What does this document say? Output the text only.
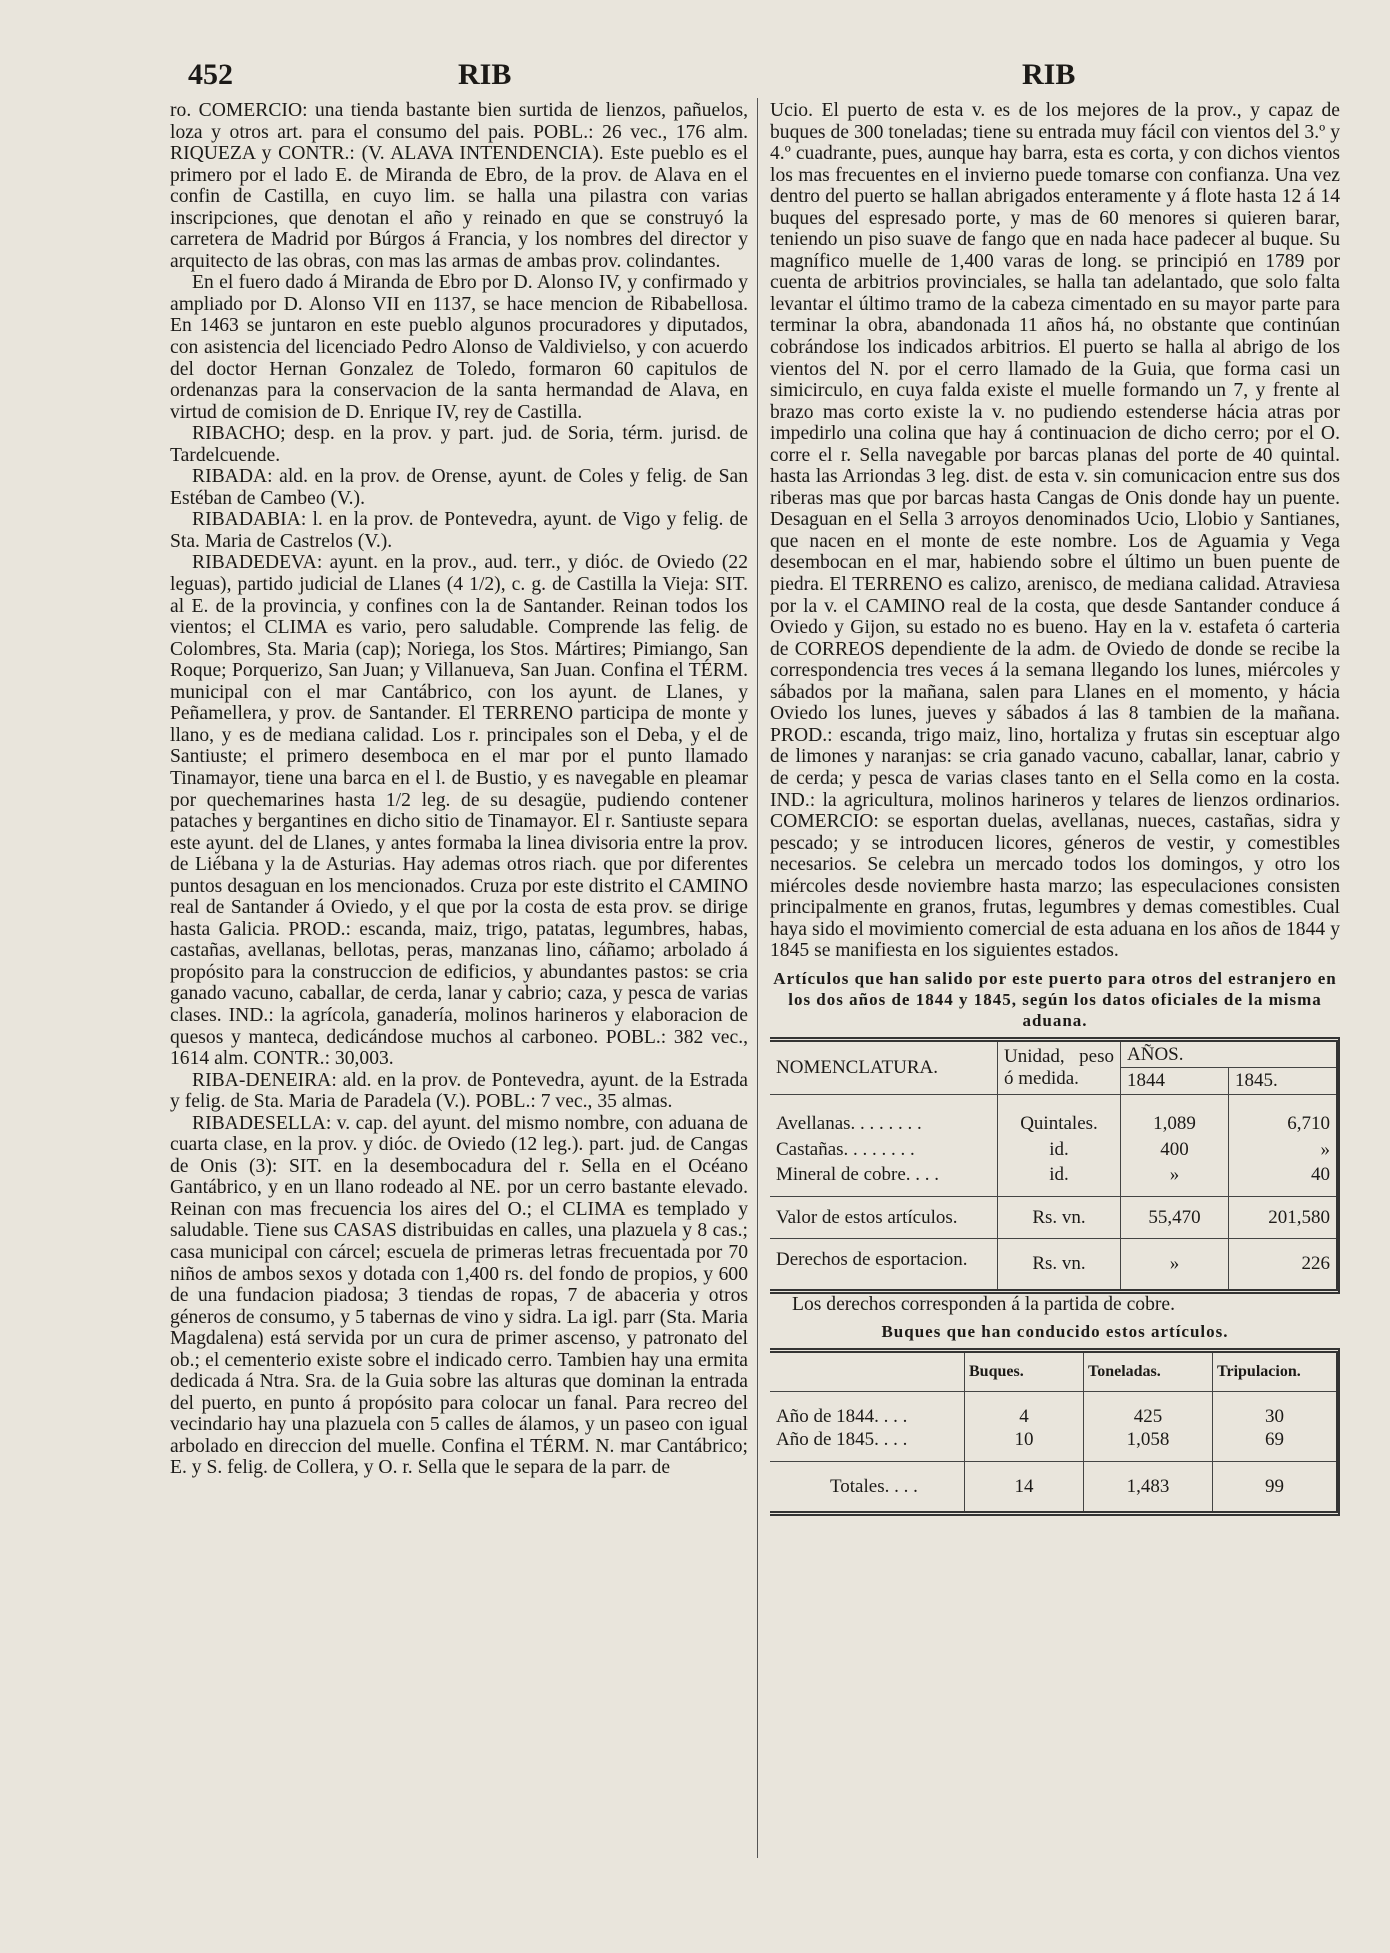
452	RIB	RIB

ro. COMERCIO: una tienda bastante bien surtida de lienzos, pañuelos, loza y otros art. para el consumo del pais. POBL.: 26 vec., 176 alm. RIQUEZA y CONTR.: (V. ALAVA INTENDENCIA). Este pueblo es el primero por el lado E. de Miranda de Ebro, de la prov. de Alava en el confin de Castilla, en cuyo lim. se halla una pilastra con varias inscripciones, que denotan el año y reinado en que se construyó la carretera de Madrid por Búrgos á Francia, y los nombres del director y arquitecto de las obras, con mas las armas de ambas prov. colindantes.

En el fuero dado á Miranda de Ebro por D. Alonso IV, y confirmado y ampliado por D. Alonso VII en 1137, se hace mencion de Ribabellosa. En 1463 se juntaron en este pueblo algunos procuradores y diputados, con asistencia del licenciado Pedro Alonso de Valdivielso, y con acuerdo del doctor Hernan Gonzalez de Toledo, formaron 60 capitulos de ordenanzas para la conservacion de la santa hermandad de Alava, en virtud de comision de D. Enrique IV, rey de Castilla.

RIBACHO; desp. en la prov. y part. jud. de Soria, térm. jurisd. de Tardelcuende.

RIBADA: ald. en la prov. de Orense, ayunt. de Coles y felig. de San Estéban de Cambeo (V.).

RIBADABIA: l. en la prov. de Pontevedra, ayunt. de Vigo y felig. de Sta. Maria de Castrelos (V.).

RIBADEDEVA: ayunt. en la prov., aud. terr., y dióc. de Oviedo (22 leguas), partido judicial de Llanes (4 1/2), c. g. de Castilla la Vieja: SIT. al E. de la provincia, y confines con la de Santander. Reinan todos los vientos; el CLIMA es vario, pero saludable. Comprende las felig. de Colombres, Sta. Maria (cap); Noriega, los Stos. Mártires; Pimiango, San Roque; Porquerizo, San Juan; y Villanueva, San Juan. Confina el TÉRM. municipal con el mar Cantábrico, con los ayunt. de Llanes, y Peñamellera, y prov. de Santander. El TERRENO participa de monte y llano, y es de mediana calidad. Los r. principales son el Deba, y el de Santiuste; el primero desemboca en el mar por el punto llamado Tinamayor, tiene una barca en el l. de Bustio, y es navegable en pleamar por quechemarines hasta 1/2 leg. de su desagüe, pudiendo contener pataches y bergantines en dicho sitio de Tinamayor. El r. Santiuste separa este ayunt. del de Llanes, y antes formaba la linea divisoria entre la prov. de Liébana y la de Asturias. Hay ademas otros riach. que por diferentes puntos desaguan en los mencionados. Cruza por este distrito el CAMINO real de Santander á Oviedo, y el que por la costa de esta prov. se dirige hasta Galicia. PROD.: escanda, maiz, trigo, patatas, legumbres, habas, castañas, avellanas, bellotas, peras, manzanas lino, cáñamo; arbolado á propósito para la construccion de edificios, y abundantes pastos: se cria ganado vacuno, caballar, de cerda, lanar y cabrio; caza, y pesca de varias clases. IND.: la agrícola, ganadería, molinos harineros y elaboracion de quesos y manteca, dedicándose muchos al carboneo. POBL.: 382 vec., 1614 alm. CONTR.: 30,003.

RIBA-DENEIRA: ald. en la prov. de Pontevedra, ayunt. de la Estrada y felig. de Sta. Maria de Paradela (V.). POBL.: 7 vec., 35 almas.

RIBADESELLA: v. cap. del ayunt. del mismo nombre, con aduana de cuarta clase, en la prov. y dióc. de Oviedo (12 leg.). part. jud. de Cangas de Onis (3): SIT. en la desembocadura del r. Sella en el Océano Gantábrico, y en un llano rodeado al NE. por un cerro bastante elevado. Reinan con mas frecuencia los aires del O.; el CLIMA es templado y saludable. Tiene sus CASAS distribuidas en calles, una plazuela y 8 cas.; casa municipal con cárcel; escuela de primeras letras frecuentada por 70 niños de ambos sexos y dotada con 1,400 rs. del fondo de propios, y 600 de una fundacion piadosa; 3 tiendas de ropas, 7 de abaceria y otros géneros de consumo, y 5 tabernas de vino y sidra. La igl. parr (Sta. Maria Magdalena) está servida por un cura de primer ascenso, y patronato del ob.; el cementerio existe sobre el indicado cerro. Tambien hay una ermita dedicada á Ntra. Sra. de la Guia sobre las alturas que dominan la entrada del puerto, en punto á propósito para colocar un fanal. Para recreo del vecindario hay una plazuela con 5 calles de álamos, y un paseo con igual arbolado en direccion del muelle. Confina el TÉRM. N. mar Cantábrico; E. y S. felig. de Collera, y O. r. Sella que le separa de la parr. de

Ucio. El puerto de esta v. es de los mejores de la prov., y capaz de buques de 300 toneladas; tiene su entrada muy fácil con vientos del 3.º y 4.º cuadrante, pues, aunque hay barra, esta es corta, y con dichos vientos los mas frecuentes en el invierno puede tomarse con confianza. Una vez dentro del puerto se hallan abrigados enteramente y á flote hasta 12 á 14 buques del espresado porte, y mas de 60 menores si quieren barar, teniendo un piso suave de fango que en nada hace padecer al buque. Su magnífico muelle de 1,400 varas de long. se principió en 1789 por cuenta de arbitrios provinciales, se halla tan adelantado, que solo falta levantar el último tramo de la cabeza cimentado en su mayor parte para terminar la obra, abandonada 11 años há, no obstante que continúan cobrándose los indicados arbitrios. El puerto se halla al abrigo de los vientos del N. por el cerro llamado de la Guia, que forma casi un simicirculo, en cuya falda existe el muelle formando un 7, y frente al brazo mas corto existe la v. no pudiendo estenderse hácia atras por impedirlo una colina que hay á continuacion de dicho cerro; por el O. corre el r. Sella navegable por barcas planas del porte de 40 quintal. hasta las Arriondas 3 leg. dist. de esta v. sin comunicacion entre sus dos riberas mas que por barcas hasta Cangas de Onis donde hay un puente. Desaguan en el Sella 3 arroyos denominados Ucio, Llobio y Santianes, que nacen en el monte de este nombre. Los de Aguamia y Vega desembocan en el mar, habiendo sobre el último un buen puente de piedra. El TERRENO es calizo, arenisco, de mediana calidad. Atraviesa por la v. el CAMINO real de la costa, que desde Santander conduce á Oviedo y Gijon, su estado no es bueno. Hay en la v. estafeta ó carteria de CORREOS dependiente de la adm. de Oviedo de donde se recibe la correspondencia tres veces á la semana llegando los lunes, miércoles y sábados por la mañana, salen para Llanes en el momento, y hácia Oviedo los lunes, jueves y sábados á las 8 tambien de la mañana. PROD.: escanda, trigo maiz, lino, hortaliza y frutas sin esceptuar algo de limones y naranjas: se cria ganado vacuno, caballar, lanar, cabrio y de cerda; y pesca de varias clases tanto en el Sella como en la costa. IND.: la agricultura, molinos harineros y telares de lienzos ordinarios. COMERCIO: se esportan duelas, avellanas, nueces, castañas, sidra y pescado; y se introducen licores, géneros de vestir, y comestibles necesarios. Se celebra un mercado todos los domingos, y otro los miércoles desde noviembre hasta marzo; las especulaciones consisten principalmente en granos, frutas, legumbres y demas comestibles. Cual haya sido el movimiento comercial de esta aduana en los años de 1844 y 1845 se manifiesta en los siguientes estados.

Artículos que han salido por este puerto para otros del estranjero en los dos años de 1844 y 1845, según los datos oficiales de la misma aduana.
NOMENCLATURA.	Unidad, peso ó medida.	AÑOS.	
		1844	1845.
Avellanas. . . . . . . .	Quintales.	1,089	6,710
Castañas. . . . . . . .	id.	400	»
Mineral de cobre. . . .	id.	»	40
Valor de estos artículos.	Rs. vn.	55,470	201,580
Derechos de esportacion.	Rs. vn.	»	226

Los derechos corresponden á la partida de cobre.

Buques que han conducido estos artículos.
	Buques.	Toneladas.	Tripulacion.
Año de 1844. . . .	4	425	30
Año de 1845. . . .	10	1,058	69
Totales. . . .	14	1,483	99
